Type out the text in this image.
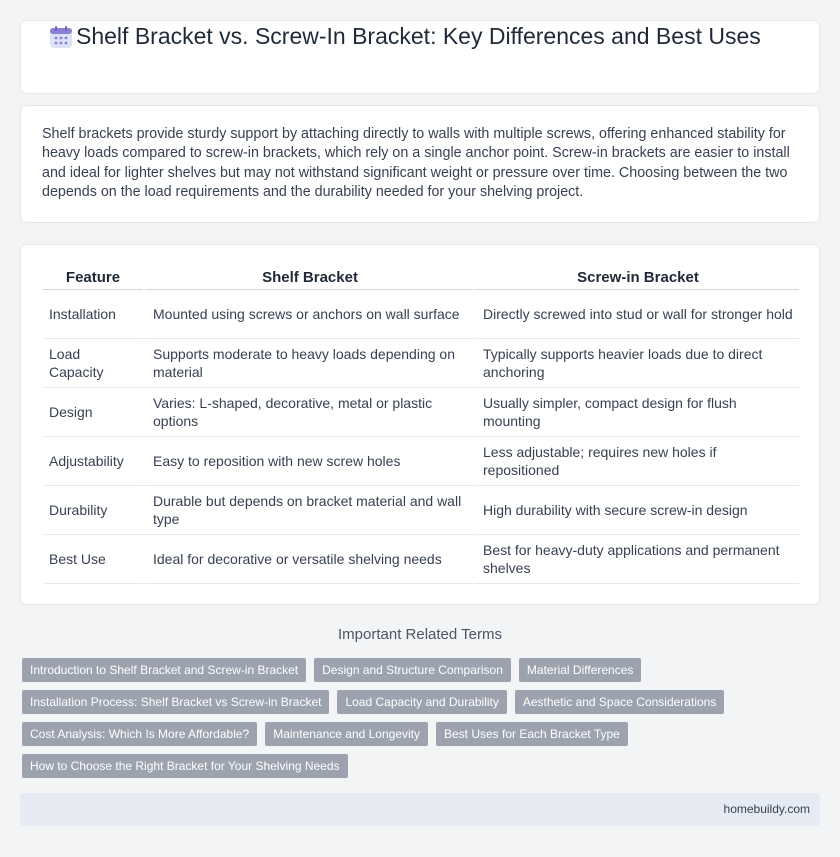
Shelf Bracket vs. Screw-In Bracket: Key Differences and Best Uses

Shelf brackets provide sturdy support by attaching directly to walls with multiple screws, offering enhanced stability for heavy loads compared to screw-in brackets, which rely on a single anchor point. Screw-in brackets are easier to install and ideal for lighter shelves but may not withstand significant weight or pressure over time. Choosing between the two depends on the load requirements and the durability needed for your shelving project.

Feature	Shelf Bracket	Screw-in Bracket
Installation	Mounted using screws or anchors on wall surface	Directly screwed into stud or wall for stronger hold
Load Capacity	Supports moderate to heavy loads depending on material	Typically supports heavier loads due to direct anchoring
Design	Varies: L-shaped, decorative, metal or plastic options	Usually simpler, compact design for flush mounting
Adjustability	Easy to reposition with new screw holes	Less adjustable; requires new holes if repositioned
Durability	Durable but depends on bracket material and wall type	High durability with secure screw-in design
Best Use	Ideal for decorative or versatile shelving needs	Best for heavy-duty applications and permanent shelves
Important Related Terms
Introduction to Shelf Bracket and Screw-in Bracket	Design and Structure Comparison	Material Differences
Installation Process: Shelf Bracket vs Screw-in Bracket	Load Capacity and Durability	Aesthetic and Space Considerations
Cost Analysis: Which Is More Affordable?	Maintenance and Longevity	Best Uses for Each Bracket Type
How to Choose the Right Bracket for Your Shelving Needs
homebuildy.com
